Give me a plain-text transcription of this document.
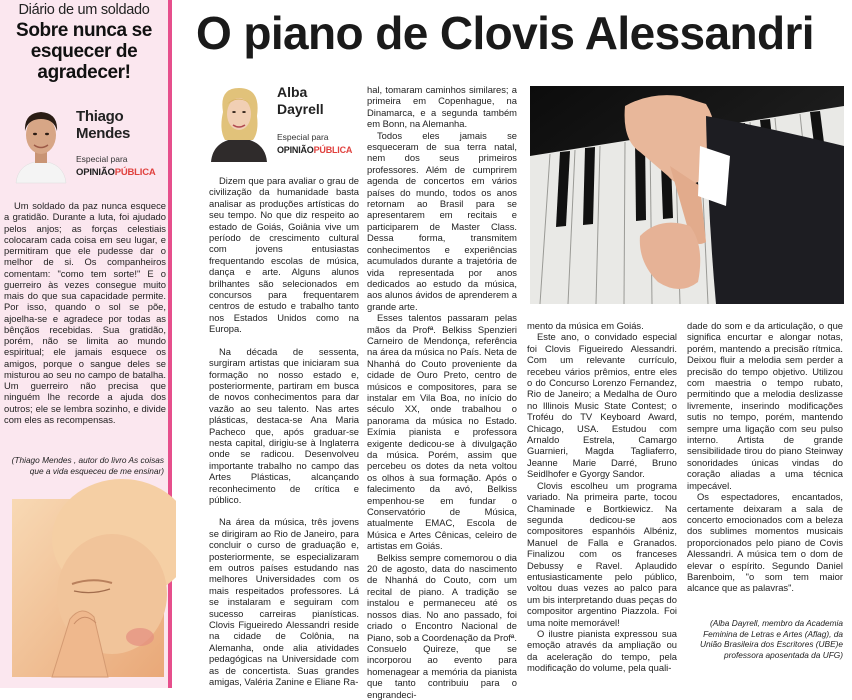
Diário de um soldado
Sobre nunca se esquecer de agradecer!
Thiago
Mendes
Especial para
OPINIÃOPÚBLICA

Um soldado da paz nunca esquece a gratidão. Durante a luta, foi ajudado pelos anjos; as forças celestiais colocaram cada coisa em seu lugar, e permitiram que ele pudesse dar o melhor de si. Os companheiros comentam: "como tem sorte!" E o guerreiro às vezes consegue muito mais do que sua capacidade permite. Por isso, quando o sol se põe, ajoelha-se e agradece por todas as bênçãos recebidas. Sua gratidão, porém, não se limita ao mundo espiritual; ele jamais esquece os amigos, porque o sangue deles se misturou ao seu no campo de batalha. Um guerreiro não precisa que ninguém lhe recorde a ajuda dos outros; ele se lembra sozinho, e divide com eles as recompensas.

(Thiago Mendes , autor do livro As coisas que a vida esqueceu de me ensinar)
O piano de Clovis Alessandri
Alba
Dayrell
Especial para
OPINIÃOPÚBLICA

Dizem que para avaliar o grau de civilização da humanidade basta analisar as produções artísticas do seu tempo. No que diz respeito ao estado de Goiás, Goiânia vive um período de crescimento cultural com jovens entusiastas frequentando escolas de música, dança e arte. Alguns alunos brilhantes são selecionados em concursos para frequentarem centros de estudo e trabalho tanto nos Estados Unidos como na Europa.

Na década de sessenta, surgiram artistas que iniciaram sua formação no nosso estado e, posteriormente, partiram em busca de novos conhecimentos para dar vazão ao seu talento. Nas artes plásticas, destaca-se Ana Maria Pacheco que, após graduar-se nesta capital, dirigiu-se à Inglaterra onde se radicou. Desenvolveu importante trabalho no campo das Artes Plásticas, alcançando reconhecimento de crítica e público.

Na área da música, três jovens se dirigiram ao Rio de Janeiro, para concluir o curso de graduação e, posteriormente, se especializaram em outros países estudando nas melhores Universidades com os mais respeitados professores. Lá se instalaram e seguiram com sucesso carreiras pianísticas. Clovis Figueiredo Alessandri reside na cidade de Colônia, na Alemanha, onde alia atividades pedagógicas na Universidade com as de concertista. Suas grandes amigas, Valéria Zanine e Eliane Ra-

hal, tomaram caminhos similares; a primeira em Copenhague, na Dinamarca, e a segunda também em Bonn, na Alemanha.

Todos eles jamais se esqueceram de sua terra natal, nem dos seus primeiros professores. Além de cumprirem agenda de concertos em vários países do mundo, todos os anos retornam ao Brasil para se apresentarem em recitais e participarem de Master Class. Dessa forma, transmitem conhecimentos e experiências acumulados durante a trajetória de vida representada por anos dedicados ao estudo da música, aos alunos ávidos de aprenderem a grande arte.

Esses talentos passaram pelas mãos da Profª. Belkiss Spenzieri Carneiro de Mendonça, referência na área da música no País. Neta de Nhanhá do Couto proveniente da cidade de Ouro Preto, centro de músicos e compositores, para se instalar em Vila Boa, no início do século XX, onde trabalhou o panorama da música no Estado. Exímia pianista e professora exigente dedicou-se à divulgação da música. Porém, assim que percebeu os dotes da neta voltou os olhos à sua formação. Após o falecimento da avó, Belkiss empenhou-se em fundar o Conservatório de Música, atualmente EMAC, Escola de Música e Artes Cênicas, celeiro de artistas em Goiás.

Belkiss sempre comemorou o dia 20 de agosto, data do nascimento de Nhanhá do Couto, com um recital de piano. A tradição se instalou e permaneceu até os nossos dias. No ano passado, foi criado o Encontro Nacional de Piano, sob a Coordenação da Profª. Consuelo Quireze, que se incorporou ao evento para homenagear a memória da pianista que tanto contribuiu para o engrandeci-

mento da música em Goiás.

Este ano, o convidado especial foi Clovis Figueiredo Alessandri. Com um relevante currículo, recebeu vários prêmios, entre eles o do Concurso Lorenzo Fernandez, Rio de Janeiro; a Medalha de Ouro no Illinois Music State Contest; o Troféu do TV Keyboard Award, Chicago, USA. Estudou com Arnaldo Estrela, Camargo Guarnieri, Magda Tagliaferro, Jeanne Marie Darré, Bruno Seidlhofer e Gyorgy Sandor.

Clovis escolheu um programa variado. Na primeira parte, tocou Chaminade e Bortkiewicz. Na segunda dedicou-se aos compositores espanhóis Albéniz, Manuel de Falla e Granados. Finalizou com os franceses Debussy e Ravel. Aplaudido entusiasticamente pelo público, voltou duas vezes ao palco para um bis interpretando duas peças do compositor argentino Piazzola. Foi uma noite memorável!

O ilustre pianista expressou sua emoção através da ampliação ou da aceleração do tempo, pela modificação do volume, pela quali-

dade do som e da articulação, o que significa encurtar e alongar notas, porém, mantendo a precisão rítmica. Deixou fluir a melodia sem perder a precisão do tempo objetivo. Utilizou com maestria o tempo rubato, permitindo que a melodia deslizasse livremente, inserindo modificações sutis no tempo, porém, mantendo sempre uma ligação com seu pulso interno. Artista de grande sensibilidade tirou do piano Steinway sonoridades únicas vindas do coração aliadas a uma técnica impecável.

Os espectadores, encantados, certamente deixaram a sala de concerto emocionados com a beleza dos sublimes momentos musicais proporcionados pelo piano de Covis Alessandri. A música tem o dom de elevar o espírito. Segundo Daniel Barenboim, "o som tem maior alcance que as palavras".

(Alba Dayrell, membro da Academia Feminina de Letras e Artes (Aflag), da União Brasileira dos Escritores (UBE)e professora aposentada da UFG)
